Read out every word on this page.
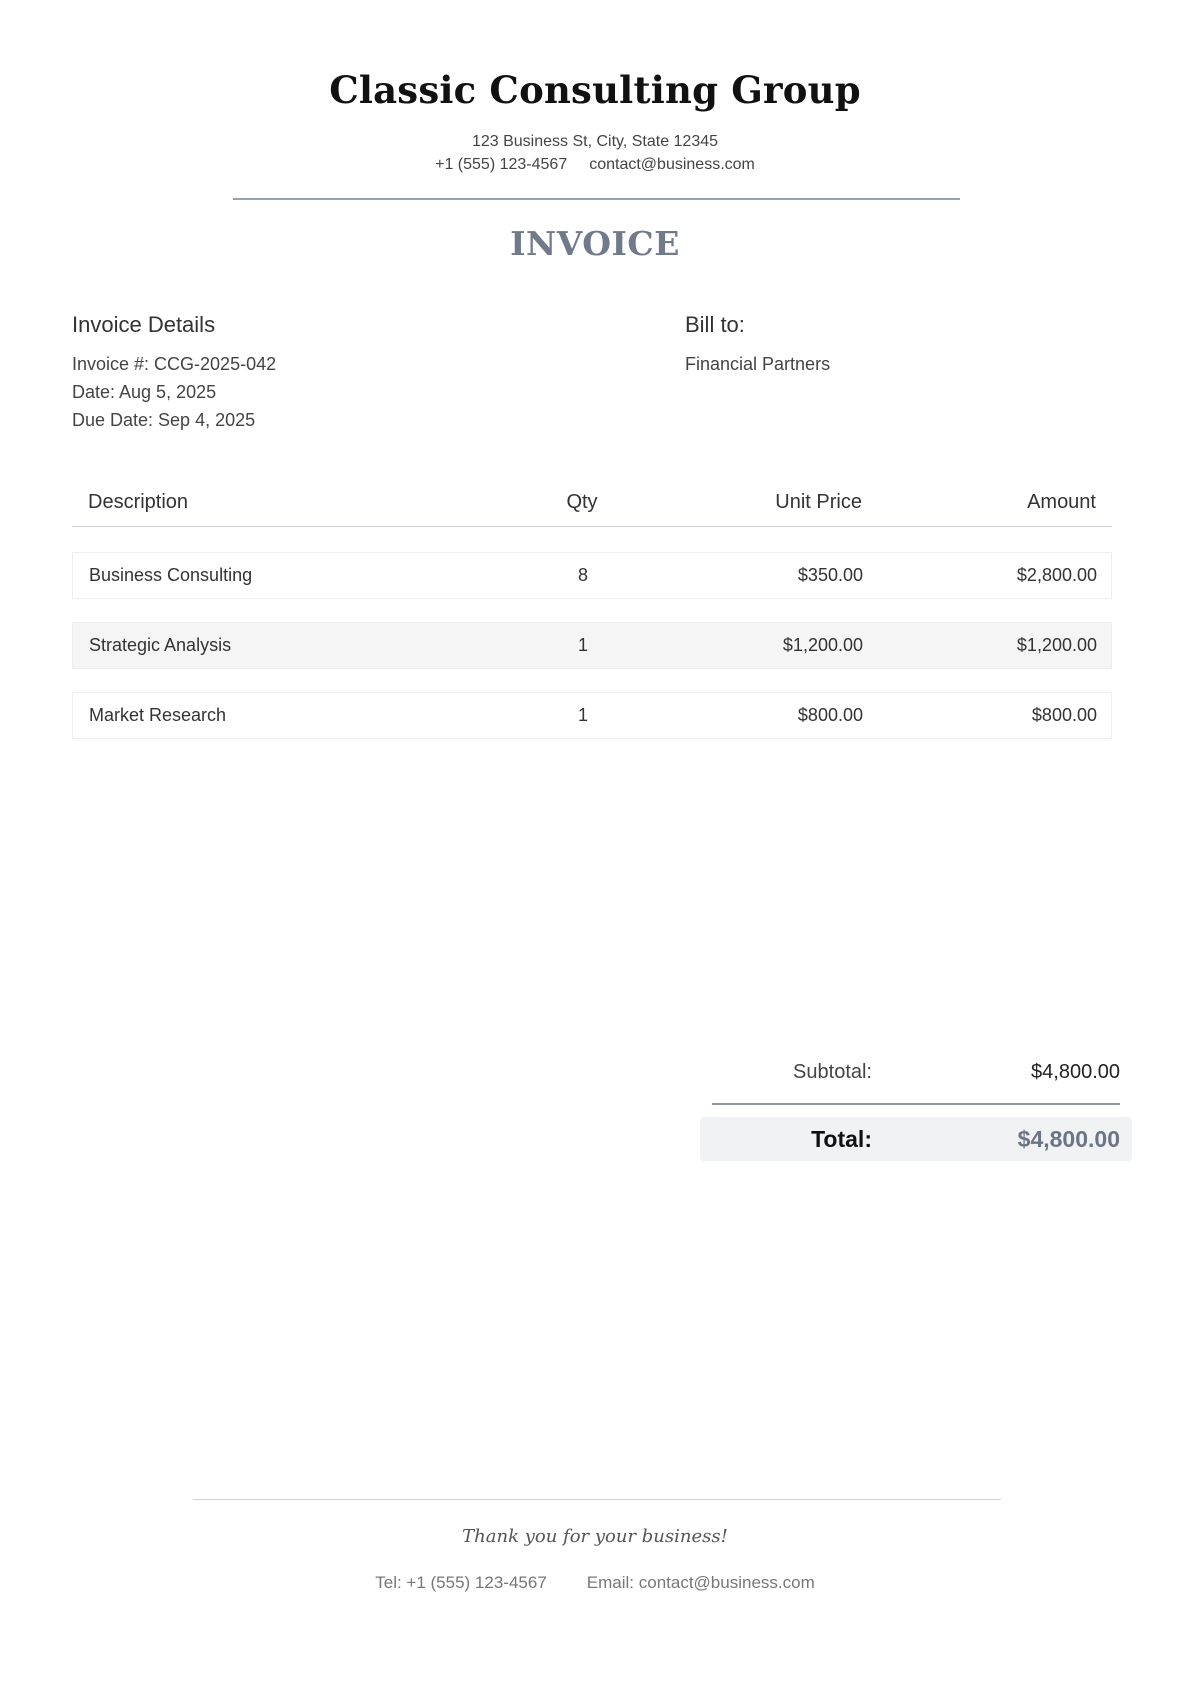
Classic Consulting Group
123 Business St, City, State 12345
+1 (555) 123-4567 contact@business.com
INVOICE
Invoice Details

Invoice #: CCG-2025-042

Date: Aug 5, 2025

Due Date: Sep 4, 2025

Bill to:

Financial Partners

Description	Qty	Unit Price	Amount
Business Consulting	8	$350.00	$2,800.00
Strategic Analysis	1	$1,200.00	$1,200.00
Market Research	1	$800.00	$800.00
Subtotal:	$4,800.00
Total:	$4,800.00
Thank you for your business!
Tel: +1 (555) 123-4567 Email: contact@business.com
